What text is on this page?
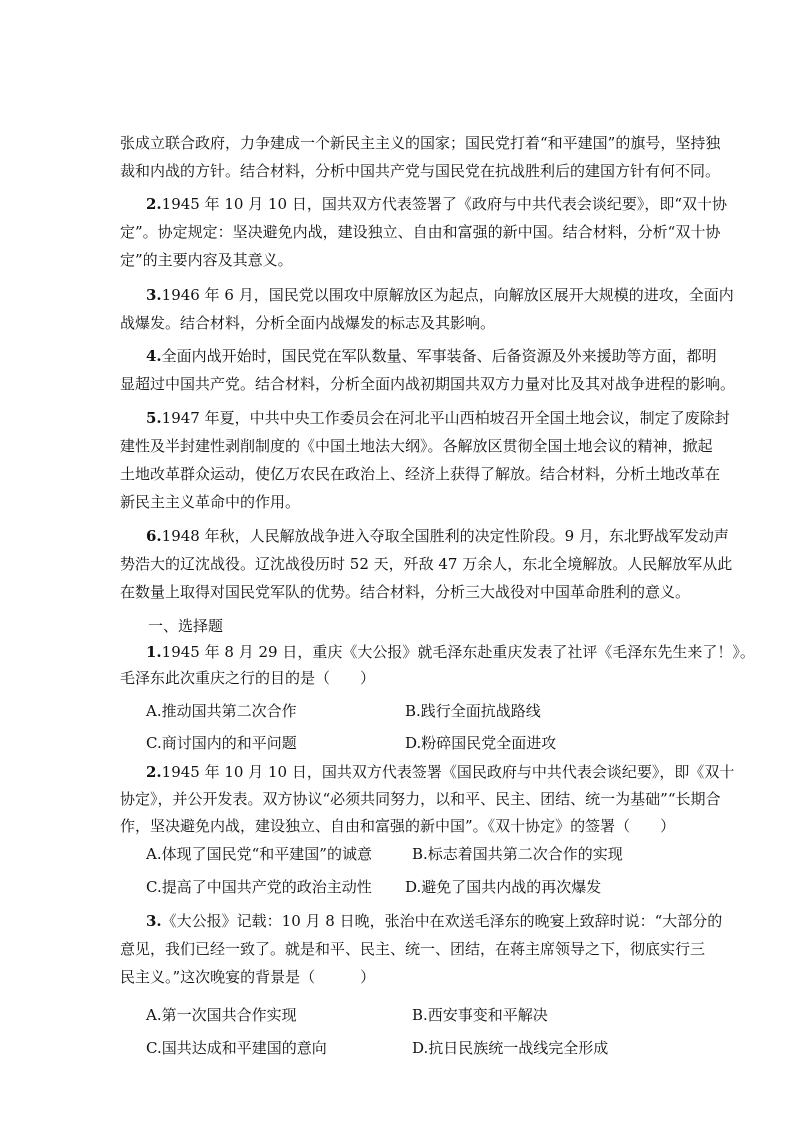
张成立联合政府，力争建成一个新民主主义的国家；国民党打着“和平建国”的旗号，坚持独
裁和内战的方针。结合材料，分析中国共产党与国民党在抗战胜利后的建国方针有何不同。
2.1945 年 10 月 10 日，国共双方代表签署了《政府与中共代表会谈纪要》，即“双十协
定”。协定规定：坚决避免内战，建设独立、自由和富强的新中国。结合材料，分析“双十协
定”的主要内容及其意义。
3.1946 年 6 月，国民党以围攻中原解放区为起点，向解放区展开大规模的进攻，全面内
战爆发。结合材料，分析全面内战爆发的标志及其影响。
4.全面内战开始时，国民党在军队数量、军事装备、后备资源及外来援助等方面，都明
显超过中国共产党。结合材料，分析全面内战初期国共双方力量对比及其对战争进程的影响。
5.1947 年夏，中共中央工作委员会在河北平山西柏坡召开全国土地会议，制定了废除封
建性及半封建性剥削制度的《中国土地法大纲》。各解放区贯彻全国土地会议的精神，掀起
土地改革群众运动，使亿万农民在政治上、经济上获得了解放。结合材料，分析土地改革在
新民主主义革命中的作用。
6.1948 年秋，人民解放战争进入夺取全国胜利的决定性阶段。9 月，东北野战军发动声
势浩大的辽沈战役。辽沈战役历时 52 天，歼敌 47 万余人，东北全境解放。人民解放军从此
在数量上取得对国民党军队的优势。结合材料，分析三大战役对中国革命胜利的意义。
一、选择题
1.1945 年 8 月 29 日，重庆《大公报》就毛泽东赴重庆发表了社评《毛泽东先生来了！》。
毛泽东此次重庆之行的目的是（　　）
A.推动国共第二次合作	B.践行全面抗战路线
C.商讨国内的和平问题	D.粉碎国民党全面进攻
2.1945 年 10 月 10 日，国共双方代表签署《国民政府与中共代表会谈纪要》，即《双十
协定》，并公开发表。双方协议“必须共同努力，以和平、民主、团结、统一为基础”“长期合
作，坚决避免内战，建设独立、自由和富强的新中国”。《双十协定》的签署（　　）
A.体现了国民党“和平建国”的诚意	B.标志着国共第二次合作的实现
C.提高了中国共产党的政治主动性 D.避免了国共内战的再次爆发
3.《大公报》记载：10 月 8 日晚，张治中在欢送毛泽东的晚宴上致辞时说：“大部分的
意见，我们已经一致了。就是和平、民主、统一、团结，在蒋主席领导之下，彻底实行三
民主义。”这次晚宴的背景是（　　　）
A.第一次国共合作实现	B.西安事变和平解决
C.国共达成和平建国的意向	D.抗日民族统一战线完全形成
